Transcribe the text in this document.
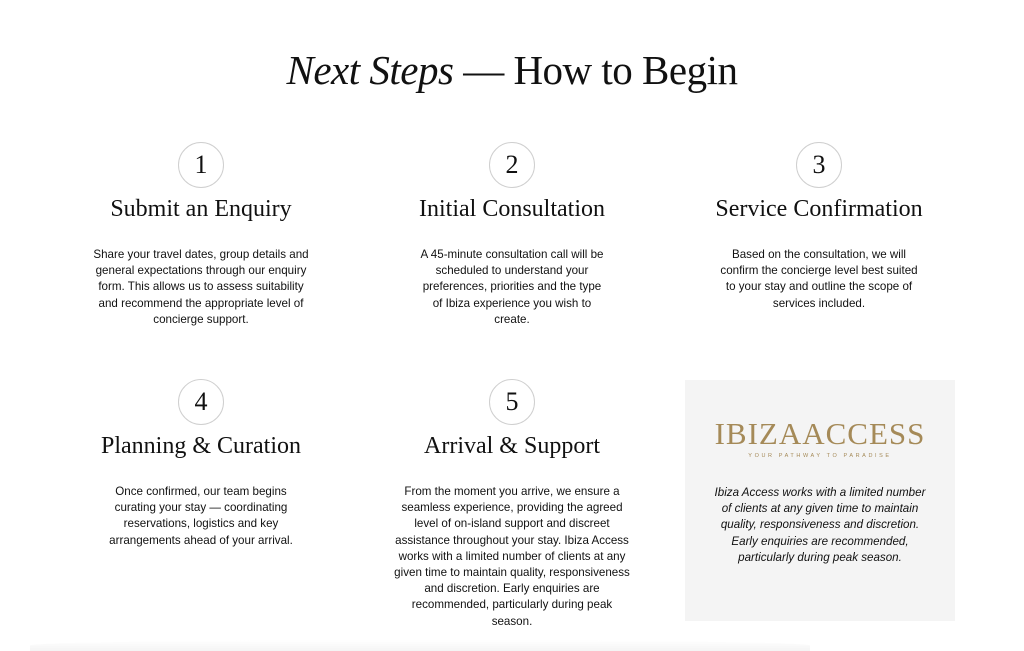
Next Steps — How to Begin
1
Submit an Enquiry
Share your travel dates, group details and general expectations through our enquiry form. This allows us to assess suitability and recommend the appropriate level of concierge support.
2
Initial Consultation
A 45-minute consultation call will be scheduled to understand your preferences, priorities and the type of Ibiza experience you wish to create.
3
Service Confirmation
Based on the consultation, we will confirm the concierge level best suited to your stay and outline the scope of services included.
4
Planning & Curation
Once confirmed, our team begins curating your stay — coordinating reservations, logistics and key arrangements ahead of your arrival.
5
Arrival & Support
From the moment you arrive, we ensure a seamless experience, providing the agreed level of on-island support and discreet assistance throughout your stay. Ibiza Access works with a limited number of clients at any given time to maintain quality, responsiveness and discretion. Early enquiries are recommended, particularly during peak season.
IBIZAACCESS
YOUR PATHWAY TO PARADISE
Ibiza Access works with a limited number of clients at any given time to maintain quality, responsiveness and discretion. Early enquiries are recommended, particularly during peak season.
